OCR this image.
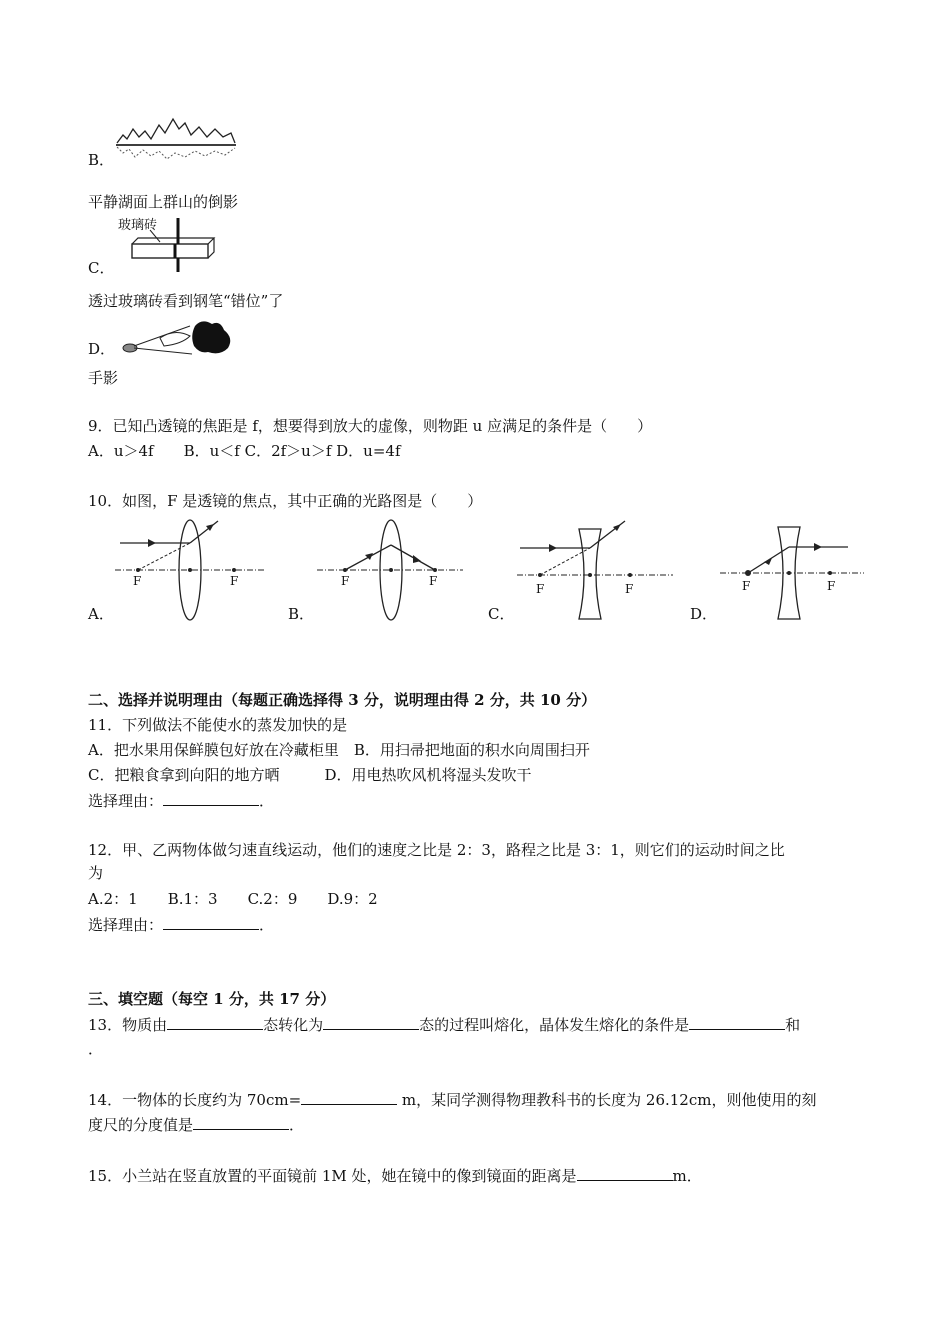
B．
平静湖面上群山的倒影
玻璃砖
C．
透过玻璃砖看到钢笔“错位”了
D．
手影
9．已知凸透镜的焦距是 f，想要得到放大的虚像，则物距 u 应满足的条件是（　　）
A．u＞4f　　B．u＜f C．2f＞u＞f D．u=4f
10．如图，F 是透镜的焦点，其中正确的光路图是（　　）
F	F	F	F
F	F	F	F
A．	B．	C．	D．
二、选择并说明理由（每题正确选择得 3 分，说明理由得 2 分，共 10 分）
11．下列做法不能使水的蒸发加快的是
A．把水果用保鲜膜包好放在冷藏柜里　B．用扫帚把地面的积水向周围扫开
C．把粮食拿到向阳的地方晒　　　D．用电热吹风机将湿头发吹干
选择理由：	．
12．甲、乙两物体做匀速直线运动，他们的速度之比是 2：3，路程之比是 3：1，则它们的运动时间之比
为
A.2：1　　B.1：3　　C.2：9　　D.9：2
选择理由：	．
三、填空题（每空 1 分，共 17 分）
13．物质由	态转化为	态的过程叫熔化，晶体发生熔化的条件是	和
．
14．一物体的长度约为 70cm=	m，某同学测得物理教科书的长度为 26.12cm，则他使用的刻
度尺的分度值是	．
15．小兰站在竖直放置的平面镜前 1M 处，她在镜中的像到镜面的距离是	m．
